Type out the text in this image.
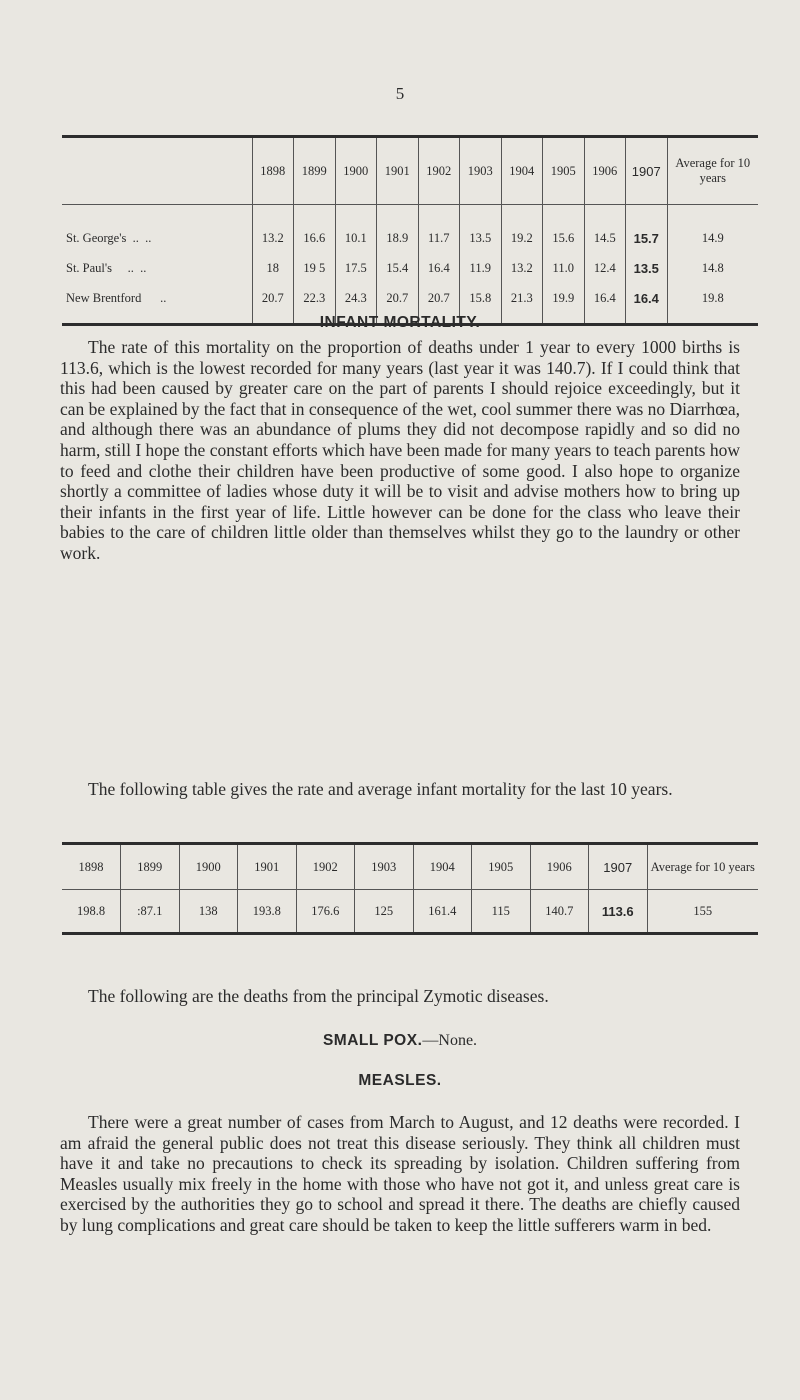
5
	1898	1899	1900	1901	1902	1903	1904	1905	1906	1907	Average for 10 years
St. George's  ..  ..	13.2	16.6	10.1	18.9	11.7	13.5	19.2	15.6	14.5	15.7	14.9
St. Paul's     ..  ..	18	19 5	17.5	15.4	16.4	11.9	13.2	11.0	12.4	13.5	14.8
New Brentford      ..	20.7	22.3	24.3	20.7	20.7	15.8	21.3	19.9	16.4	16.4	19.8
INFANT MORTALITY.

The rate of this mortality on the proportion of deaths under 1 year to every 1000 births is 113.6, which is the lowest recorded for many years (last year it was 140.7). If I could think that this had been caused by greater care on the part of parents I should rejoice exceedingly, but it can be explained by the fact that in consequence of the wet, cool summer there was no Diarrhœa, and although there was an abundance of plums they did not decompose rapidly and so did no harm, still I hope the constant efforts which have been made for many years to teach parents how to feed and clothe their children have been productive of some good. I also hope to organize shortly a committee of ladies whose duty it will be to visit and advise mothers how to bring up their infants in the first year of life. Little however can be done for the class who leave their babies to the care of children little older than themselves whilst they go to the laundry or other work.

The following table gives the rate and average infant mortality for the last 10 years.

1898	1899	1900	1901	1902	1903	1904	1905	1906	1907	Average for 10 years
198.8	:87.1	138	193.8	176.6	125	161.4	115	140.7	113.6	155

The following are the deaths from the principal Zymotic diseases.

SMALL POX.—None.
MEASLES.

There were a great number of cases from March to August, and 12 deaths were recorded. I am afraid the general public does not treat this disease seriously. They think all children must have it and take no precautions to check its spreading by isolation. Children suffering from Measles usually mix freely in the home with those who have not got it, and unless great care is exercised by the authorities they go to school and spread it there. The deaths are chiefly caused by lung complications and great care should be taken to keep the little sufferers warm in bed.
